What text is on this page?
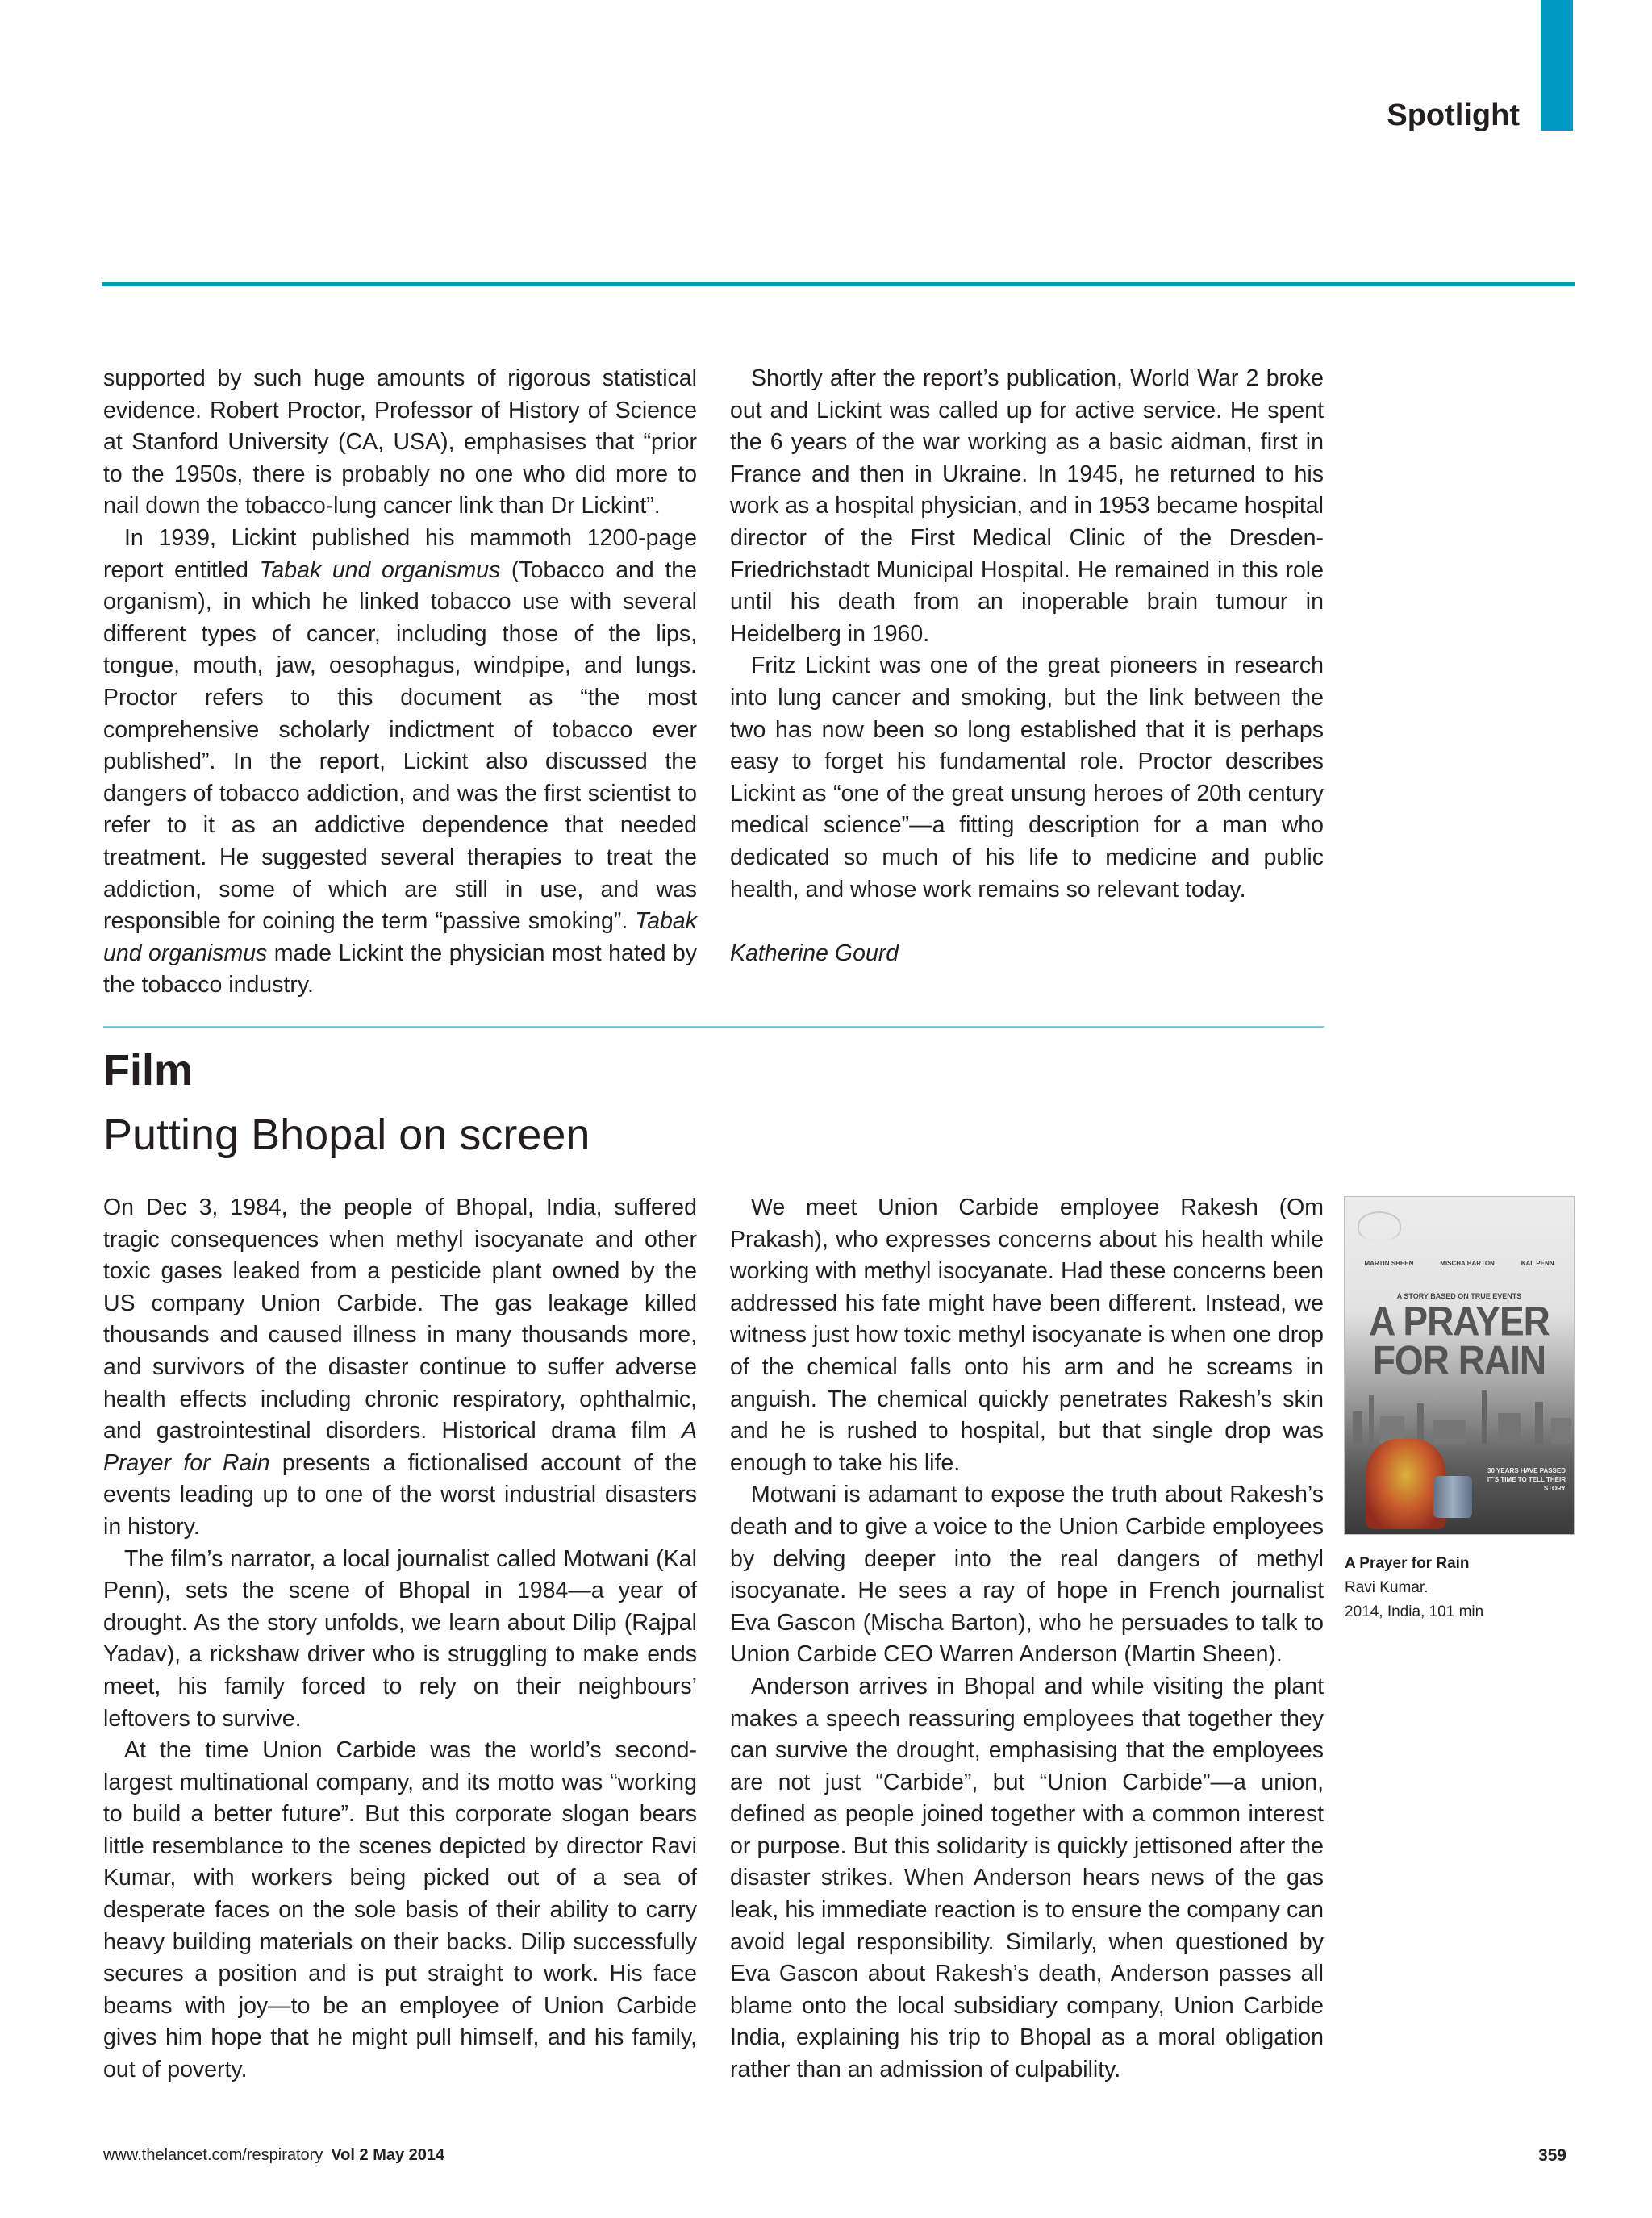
Spotlight

supported by such huge amounts of rigorous statistical evidence. Robert Proctor, Professor of History of Science at Stanford University (CA, USA), emphasises that “prior to the 1950s, there is probably no one who did more to nail down the tobacco-lung cancer link than Dr Lickint”.

In 1939, Lickint published his mammoth 1200-page report entitled Tabak und organismus (Tobacco and the organism), in which he linked tobacco use with several different types of cancer, including those of the lips, tongue, mouth, jaw, oesophagus, windpipe, and lungs. Proctor refers to this document as “the most comprehensive scholarly indictment of tobacco ever published”. In the report, Lickint also discussed the dangers of tobacco addiction, and was the first scientist to refer to it as an addictive dependence that needed treatment. He suggested several therapies to treat the addiction, some of which are still in use, and was responsible for coining the term “passive smoking”. Tabak und organismus made Lickint the physician most hated by the tobacco industry.

Shortly after the report’s publication, World War 2 broke out and Lickint was called up for active service. He spent the 6 years of the war working as a basic aidman, first in France and then in Ukraine. In 1945, he returned to his work as a hospital physician, and in 1953 became hospital director of the First Medical Clinic of the Dresden-Friedrichstadt Municipal Hospital. He remained in this role until his death from an inoperable brain tumour in Heidelberg in 1960.

Fritz Lickint was one of the great pioneers in research into lung cancer and smoking, but the link between the two has now been so long established that it is perhaps easy to forget his fundamental role. Proctor describes Lickint as “one of the great unsung heroes of 20th century medical science”—a fitting description for a man who dedicated so much of his life to medicine and public health, and whose work remains so relevant today.

Katherine Gourd

Film
Putting Bhopal on screen

On Dec 3, 1984, the people of Bhopal, India, suffered tragic consequences when methyl isocyanate and other toxic gases leaked from a pesticide plant owned by the US company Union Carbide. The gas leakage killed thousands and caused illness in many thousands more, and survivors of the disaster continue to suffer adverse health effects including chronic respiratory, ophthalmic, and gastrointestinal disorders. Historical drama film A Prayer for Rain presents a fictionalised account of the events leading up to one of the worst industrial disasters in history.

The film’s narrator, a local journalist called Motwani (Kal Penn), sets the scene of Bhopal in 1984—a year of drought. As the story unfolds, we learn about Dilip (Rajpal Yadav), a rickshaw driver who is struggling to make ends meet, his family forced to rely on their neighbours’ leftovers to survive.

At the time Union Carbide was the world’s second-largest multinational company, and its motto was “working to build a better future”. But this corporate slogan bears little resemblance to the scenes depicted by director Ravi Kumar, with workers being picked out of a sea of desperate faces on the sole basis of their ability to carry heavy building materials on their backs. Dilip successfully secures a position and is put straight to work. His face beams with joy—to be an employee of Union Carbide gives him hope that he might pull himself, and his family, out of poverty.

We meet Union Carbide employee Rakesh (Om Prakash), who expresses concerns about his health while working with methyl isocyanate. Had these concerns been addressed his fate might have been different. Instead, we witness just how toxic methyl isocyanate is when one drop of the chemical falls onto his arm and he screams in anguish. The chemical quickly penetrates Rakesh’s skin and he is rushed to hospital, but that single drop was enough to take his life.

Motwani is adamant to expose the truth about Rakesh’s death and to give a voice to the Union Carbide employees by delving deeper into the real dangers of methyl isocyanate. He sees a ray of hope in French journalist Eva Gascon (Mischa Barton), who he persuades to talk to Union Carbide CEO Warren Anderson (Martin Sheen).

Anderson arrives in Bhopal and while visiting the plant makes a speech reassuring employees that together they can survive the drought, emphasising that the employees are not just “Carbide”, but “Union Carbide”—a union, defined as people joined together with a common interest or purpose. But this solidarity is quickly jettisoned after the disaster strikes. When Anderson hears news of the gas leak, his immediate reaction is to ensure the company can avoid legal responsibility. Similarly, when questioned by Eva Gascon about Rakesh’s death, Anderson passes all blame onto the local subsidiary company, Union Carbide India, explaining his trip to Bhopal as a moral obligation rather than an admission of culpability.

MARTIN SHEEN	MISCHA BARTON	KAL PENN
A STORY BASED ON TRUE EVENTS
A PRAYER
FOR RAIN
30 YEARS HAVE PASSED IT'S TIME TO TELL THEIR STORY
A Prayer for Rain
Ravi Kumar.
2014, India, 101 min
www.thelancet.com/respiratory Vol 2 May 2014	359
